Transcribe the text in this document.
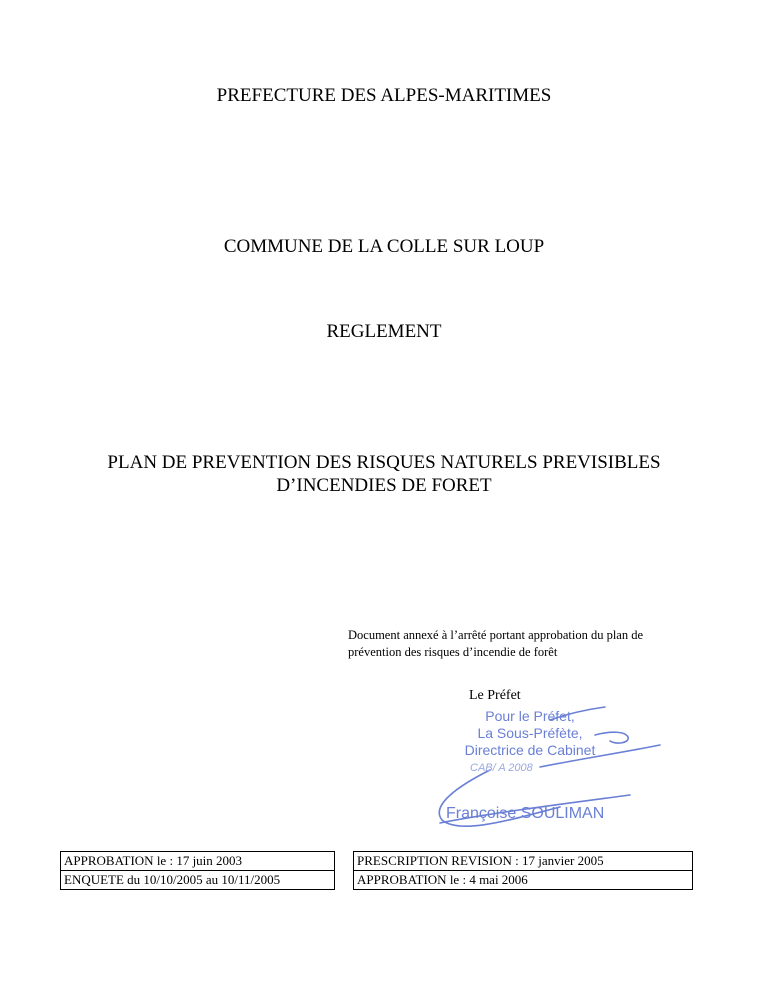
PREFECTURE DES ALPES-MARITIMES
COMMUNE DE LA COLLE SUR LOUP
REGLEMENT
PLAN DE PREVENTION DES RISQUES NATURELS PREVISIBLES
D’INCENDIES DE FORET
Document annexé à l’arrêté portant approbation du plan de
prévention des risques d’incendie de forêt
Le Préfet
Pour le Préfet,
La Sous-Préfète,
Directrice de Cabinet
CAB/ A 2008
Françoise SOULIMAN
APPROBATION le : 17 juin 2003		PRESCRIPTION REVISION : 17 janvier 2005
ENQUETE du 10/10/2005 au 10/11/2005		APPROBATION le : 4 mai 2006
